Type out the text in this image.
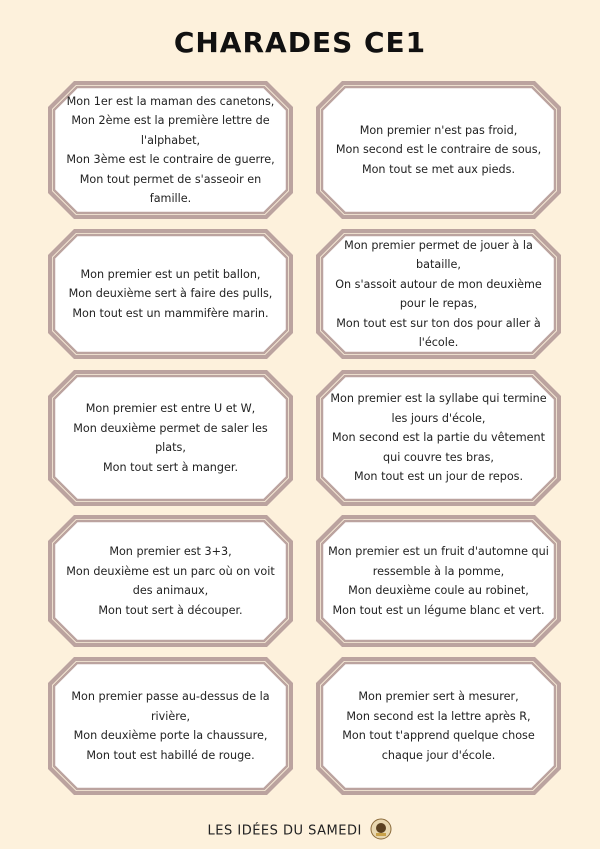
CHARADES CE1
Mon 1er est la maman des canetons,
Mon 2ème est la première lettre de
l'alphabet,
Mon 3ème est le contraire de guerre,
Mon tout permet de s'asseoir en
famille.
Mon premier n'est pas froid,
Mon second est le contraire de sous,
Mon tout se met aux pieds.
Mon premier est un petit ballon,
Mon deuxième sert à faire des pulls,
Mon tout est un mammifère marin.
Mon premier permet de jouer à la
bataille,
On s'assoit autour de mon deuxième
pour le repas,
Mon tout est sur ton dos pour aller à
l'école.
Mon premier est entre U et W,
Mon deuxième permet de saler les
plats,
Mon tout sert à manger.
Mon premier est la syllabe qui termine
les jours d'école,
Mon second est la partie du vêtement
qui couvre tes bras,
Mon tout est un jour de repos.
Mon premier est 3+3,
Mon deuxième est un parc où on voit
des animaux,
Mon tout sert à découper.
Mon premier est un fruit d'automne qui
ressemble à la pomme,
Mon deuxième coule au robinet,
Mon tout est un légume blanc et vert.
Mon premier passe au-dessus de la
rivière,
Mon deuxième porte la chaussure,
Mon tout est habillé de rouge.
Mon premier sert à mesurer,
Mon second est la lettre après R,
Mon tout t'apprend quelque chose
chaque jour d'école.
LES IDÉES DU SAMEDI
